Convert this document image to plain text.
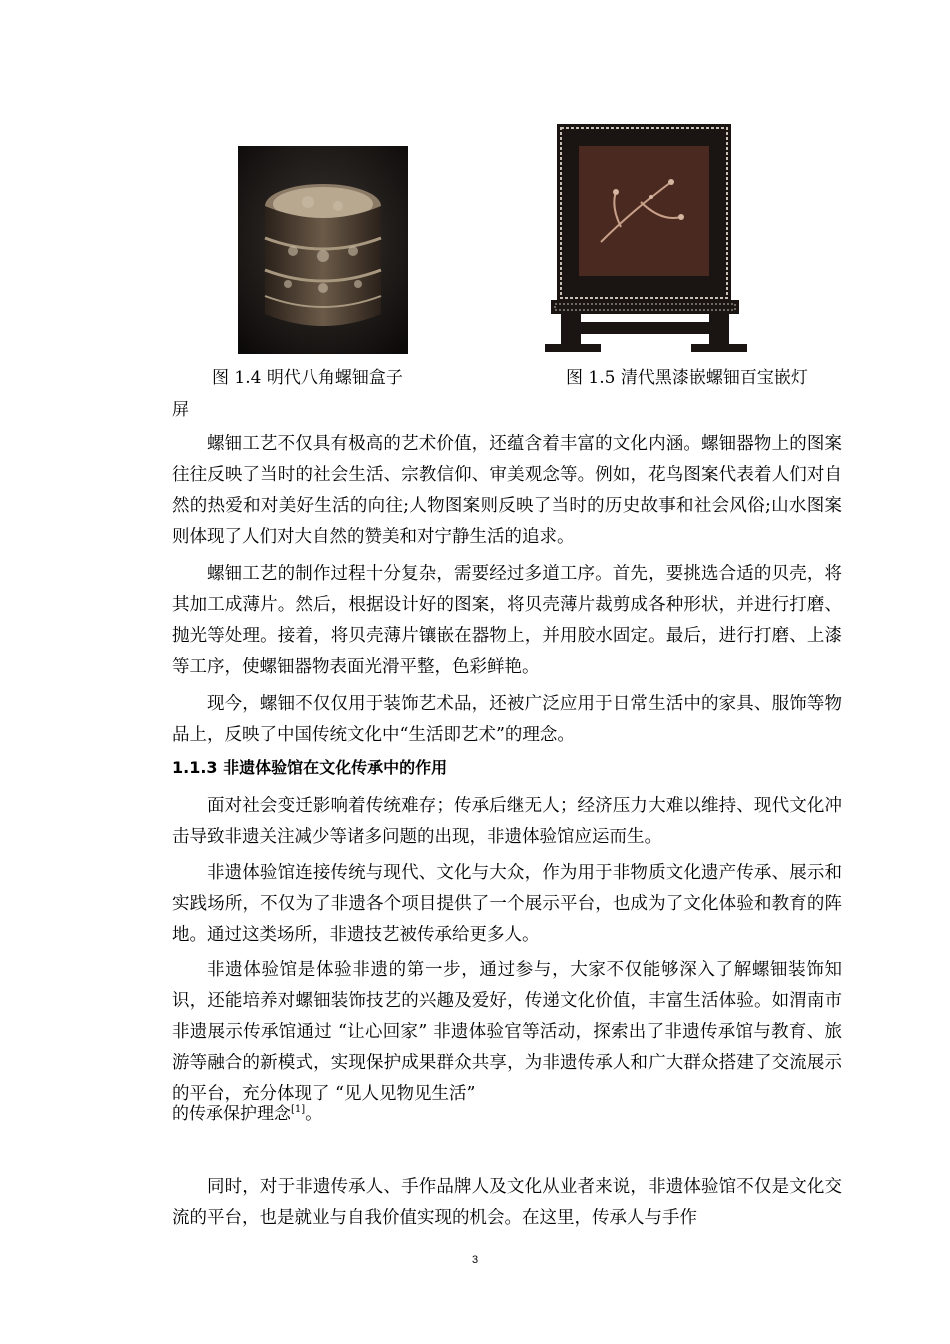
图 1.4 明代八角螺钿盒子	图 1.5 清代黑漆嵌螺钿百宝嵌灯
屏

螺钿工艺不仅具有极高的艺术价值，还蕴含着丰富的文化内涵。螺钿器物上的图案往往反映了当时的社会生活、宗教信仰、审美观念等。例如，花鸟图案代表着人们对自然的热爱和对美好生活的向往;人物图案则反映了当时的历史故事和社会风俗;山水图案则体现了人们对大自然的赞美和对宁静生活的追求。

螺钿工艺的制作过程十分复杂，需要经过多道工序。首先，要挑选合适的贝壳，将其加工成薄片。然后，根据设计好的图案，将贝壳薄片裁剪成各种形状，并进行打磨、抛光等处理。接着，将贝壳薄片镶嵌在器物上，并用胶水固定。最后，进行打磨、上漆等工序，使螺钿器物表面光滑平整，色彩鲜艳。

现今，螺钿不仅仅用于装饰艺术品，还被广泛应用于日常生活中的家具、服饰等物品上，反映了中国传统文化中“生活即艺术”的理念。

1.1.3 非遗体验馆在文化传承中的作用

面对社会变迁影响着传统难存；传承后继无人；经济压力大难以维持、现代文化冲击导致非遗关注减少等诸多问题的出现，非遗体验馆应运而生。

非遗体验馆连接传统与现代、文化与大众，作为用于非物质文化遗产传承、展示和实践场所，不仅为了非遗各个项目提供了一个展示平台，也成为了文化体验和教育的阵地。通过这类场所，非遗技艺被传承给更多人。

非遗体验馆是体验非遗的第一步，通过参与，大家不仅能够深入了解螺钿装饰知识，还能培养对螺钿装饰技艺的兴趣及爱好，传递文化价值，丰富生活体验。如渭南市非遗展示传承馆通过 “让心回家” 非遗体验官等活动，探索出了非遗传承馆与教育、旅游等融合的新模式，实现保护成果群众共享，为非遗传承人和广大群众搭建了交流展示的平台，充分体现了 “见人见物见生活”

的传承保护理念[1]。

同时，对于非遗传承人、手作品牌人及文化从业者来说，非遗体验馆不仅是文化交流的平台，也是就业与自我价值实现的机会。在这里，传承人与手作

3
